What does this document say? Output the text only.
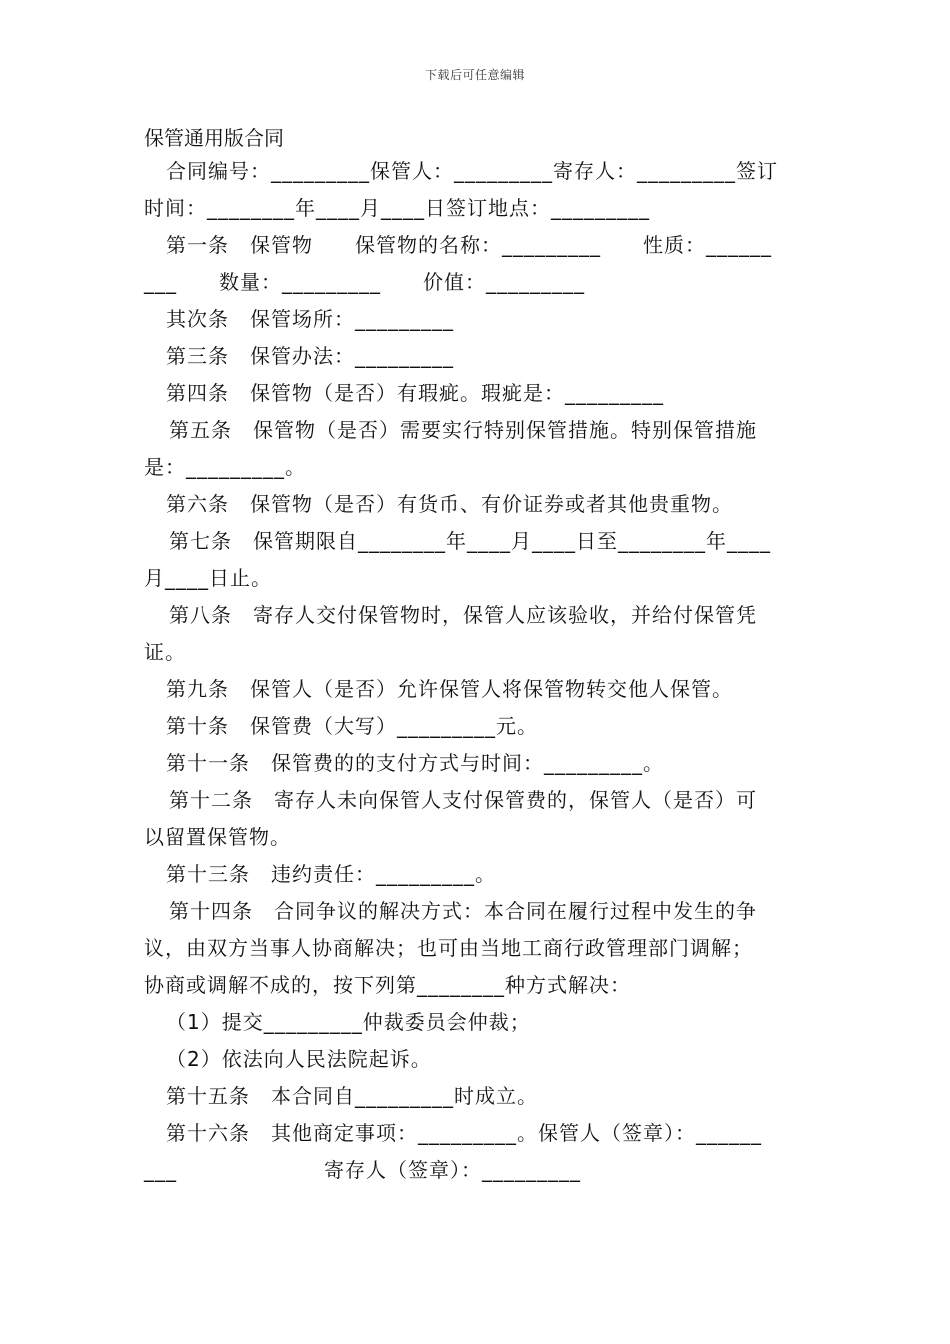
下载后可任意编辑
保管通用版合同
合同编号：_________保管人：_________寄存人：_________签订
时间：________年____月____日签订地点：_________
第一条　保管物　　保管物的名称：_________　　性质：______
___　　数量：_________　　价值：_________
其次条　保管场所：_________
第三条　保管办法：_________
第四条　保管物（是否）有瑕疵。瑕疵是：_________
第五条　保管物（是否）需要实行特别保管措施。特别保管措施
是：_________。
第六条　保管物（是否）有货币、有价证券或者其他贵重物。
第七条　保管期限自________年____月____日至________年____
月____日止。
第八条　寄存人交付保管物时，保管人应该验收，并给付保管凭
证。
第九条　保管人（是否）允许保管人将保管物转交他人保管。
第十条　保管费（大写）_________元。
第十一条　保管费的的支付方式与时间：_________。
第十二条　寄存人未向保管人支付保管费的，保管人（是否）可
以留置保管物。
第十三条　违约责任：_________。
第十四条　合同争议的解决方式：本合同在履行过程中发生的争
议，由双方当事人协商解决；也可由当地工商行政管理部门调解；
协商或调解不成的，按下列第________种方式解决：
（1）提交_________仲裁委员会仲裁；
（2）依法向人民法院起诉。
第十五条　本合同自_________时成立。
第十六条　其他商定事项：_________。保管人（签章）：______
___　　　　　　　寄存人（签章）：_________
